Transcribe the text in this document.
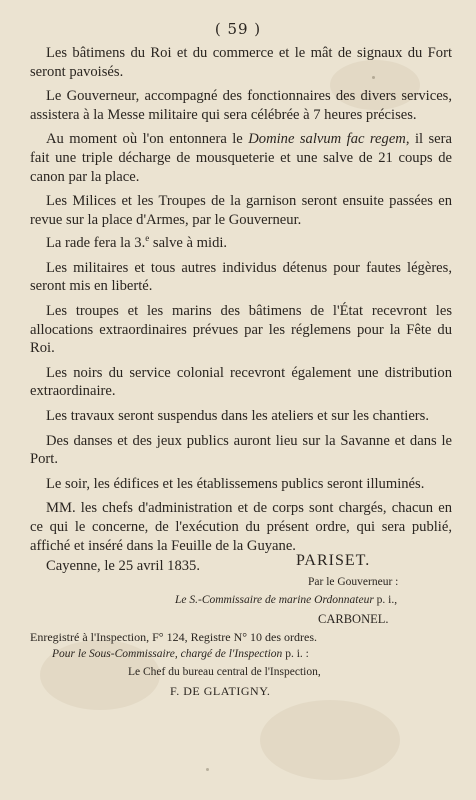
( 59 )

Les bâtimens du Roi et du commerce et le mât de signaux du Fort seront pavoisés.

Le Gouverneur, accompagné des fonctionnaires des divers services, assistera à la Messe militaire qui sera célébrée à 7 heures précises.

Au moment où l'on entonnera le Domine salvum fac regem, il sera fait une triple décharge de mousqueterie et une salve de 21 coups de canon par la place.

Les Milices et les Troupes de la garnison seront ensuite passées en revue sur la place d'Armes, par le Gouverneur.

La rade fera la 3.$^e$ salve à midi.

Les militaires et tous autres individus détenus pour fautes légères, seront mis en liberté.

Les troupes et les marins des bâtimens de l'État recevront les allocations extraordinaires prévues par les réglemens pour la Fête du Roi.

Les noirs du service colonial recevront également une distribution extraordinaire.

Les travaux seront suspendus dans les ateliers et sur les chantiers.

Des danses et des jeux publics auront lieu sur la Savanne et dans le Port.

Le soir, les édifices et les établissemens publics seront illuminés.

MM. les chefs d'administration et de corps sont chargés, chacun en ce qui le concerne, de l'exécution du présent ordre, qui sera publié, affiché et inséré dans la Feuille de la Guyane.

Cayenne, le 25 avril 1835.	PARISET.
Par le Gouverneur :
Le S.-Commissaire de marine Ordonnateur p. i.,
CARBONEL.
Enregistré à l'Inspection, F° 124, Registre N° 10 des ordres.
Pour le Sous-Commissaire, chargé de l'Inspection p. i. :
Le Chef du bureau central de l'Inspection,
F. DE GLATIGNY.
